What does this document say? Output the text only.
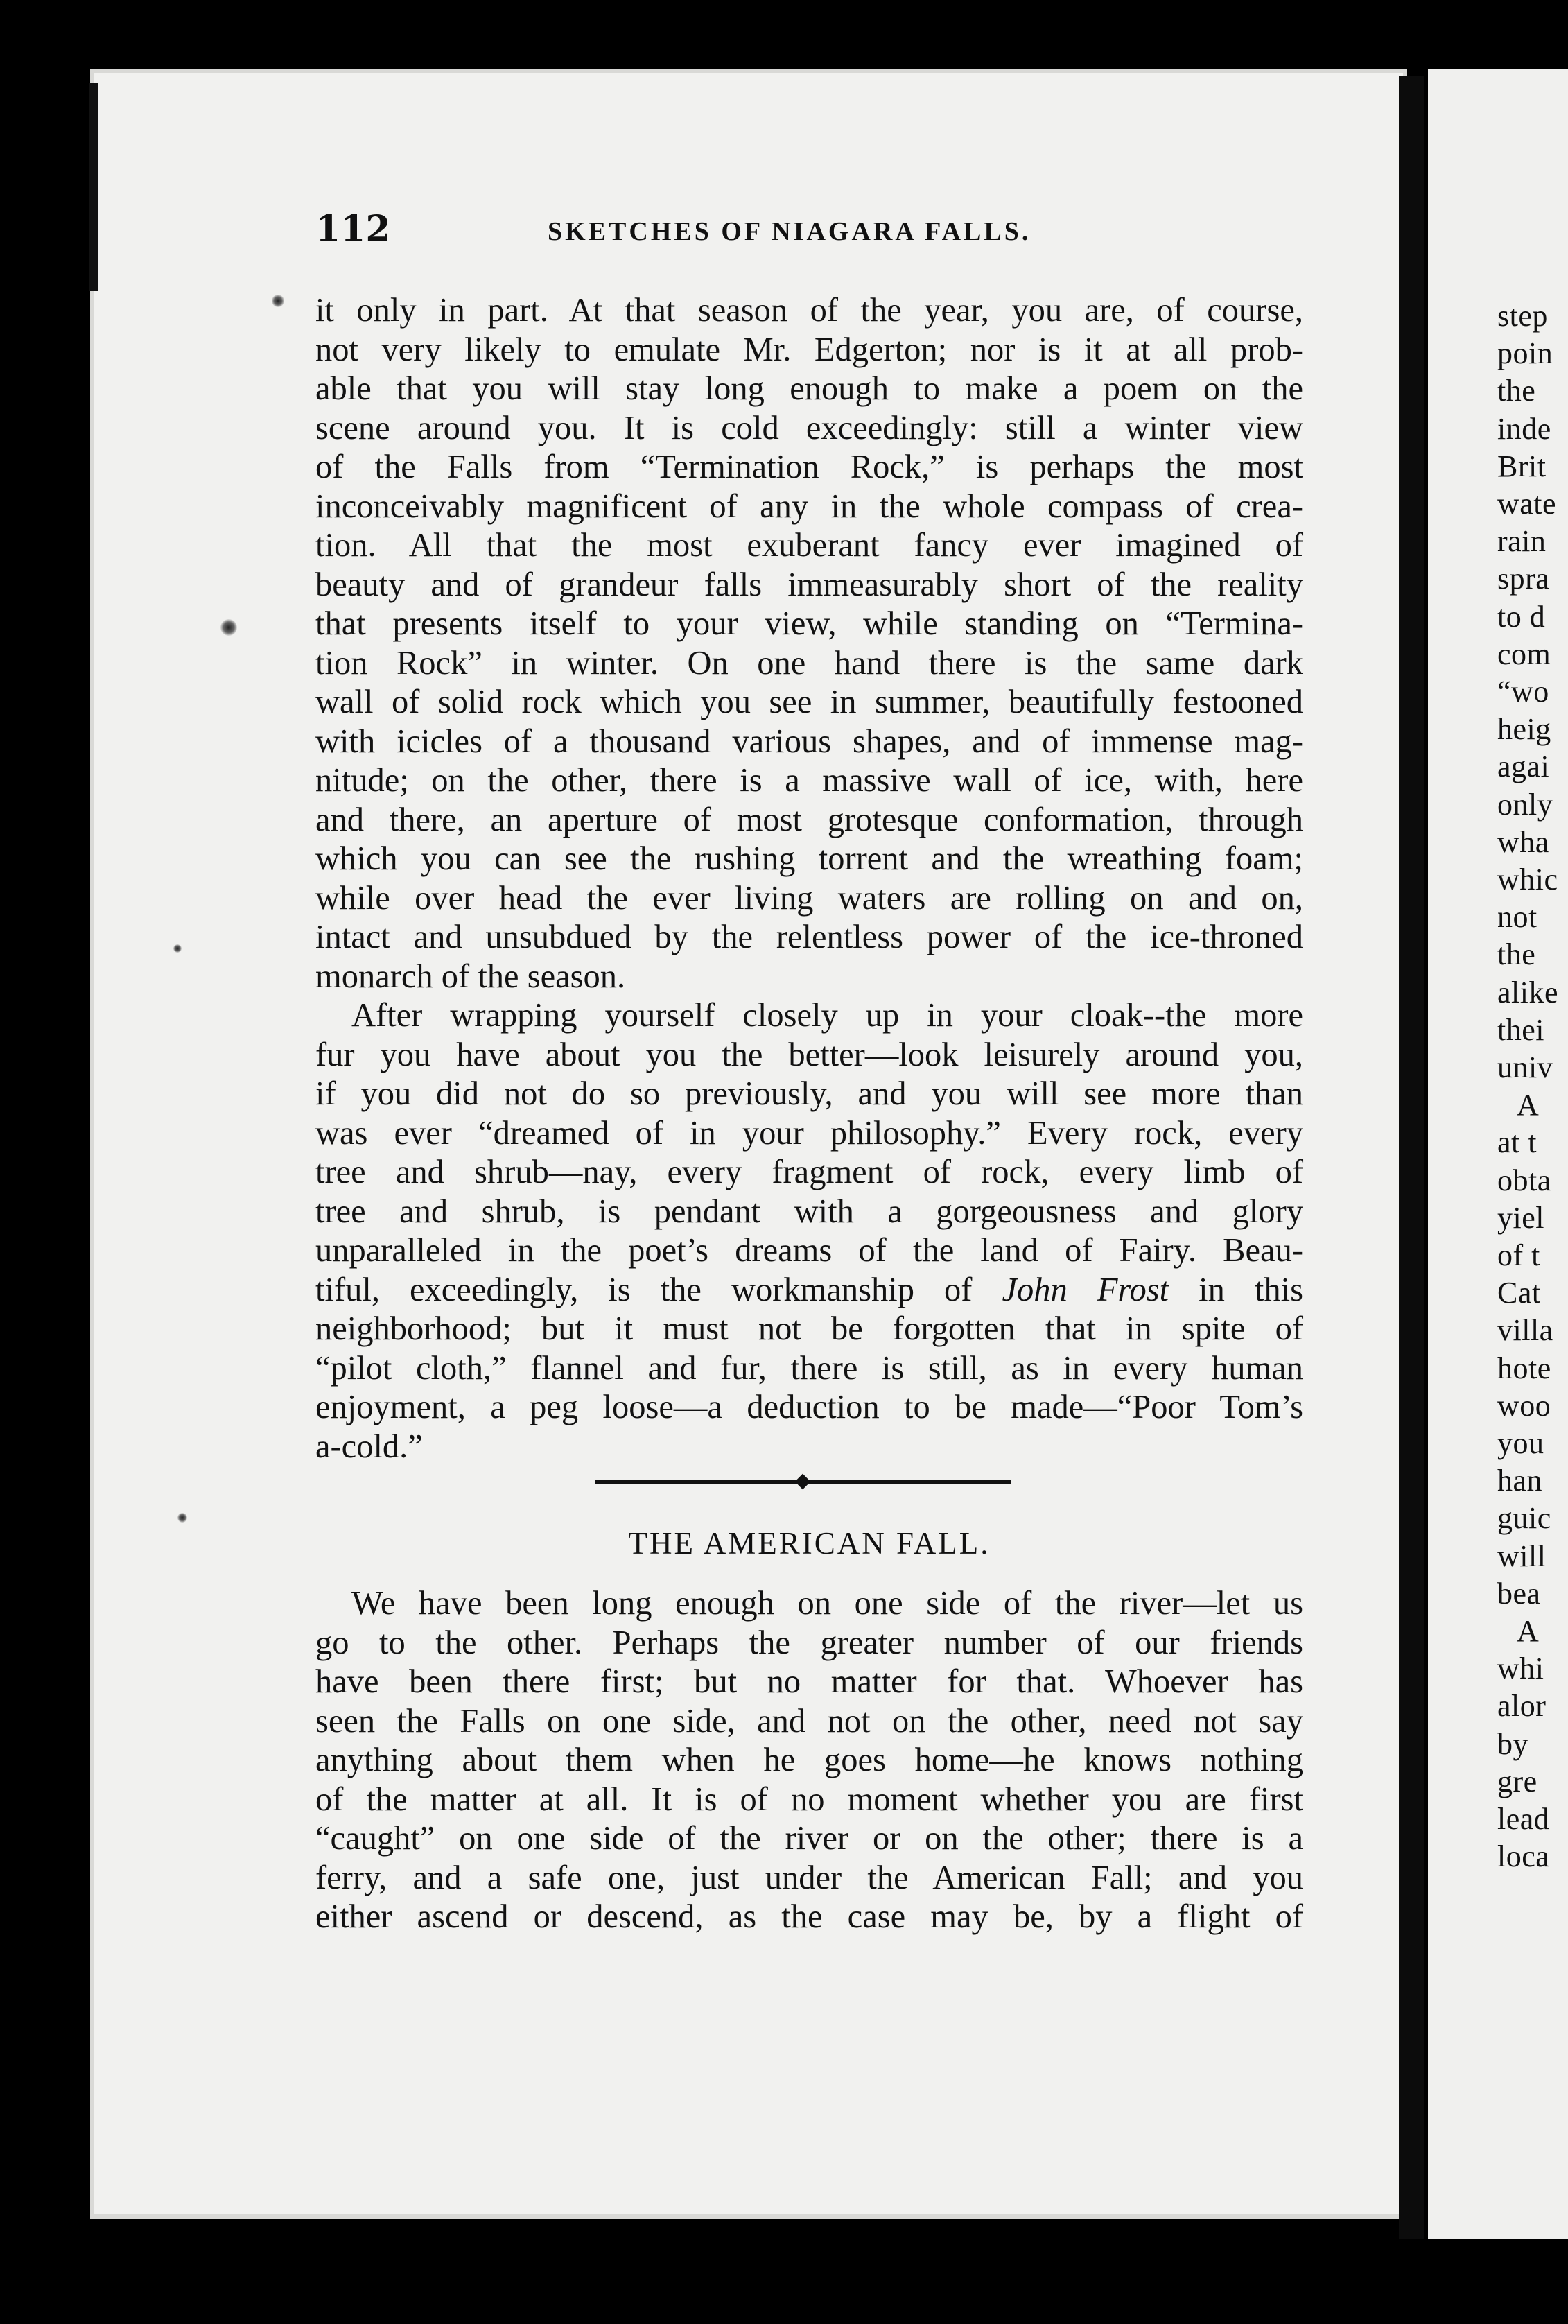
step
poin
the
inde
Brit
wate
rain
spra
to d
com
“wo
heig
agai
only
wha
whic
not
the
alike
thei
univ
A
at t
obta
yiel
of t
Cat
villa
hote
woo
you
han
guic
will
bea
A
whi
alor
by
gre
lead
loca
112	SKETCHES OF NIAGARA FALLS.
it only in part. At that season of the year, you are, of course,
not very likely to emulate Mr. Edgerton; nor is it at all prob-
able that you will stay long enough to make a poem on the
scene around you. It is cold exceedingly: still a winter view
of the Falls from “Termination Rock,” is perhaps the most
inconceivably magnificent of any in the whole compass of crea-
tion. All that the most exuberant fancy ever imagined of
beauty and of grandeur falls immeasurably short of the reality
that presents itself to your view, while standing on “Termina-
tion Rock” in winter. On one hand there is the same dark
wall of solid rock which you see in summer, beautifully festooned
with icicles of a thousand various shapes, and of immense mag-
nitude; on the other, there is a massive wall of ice, with, here
and there, an aperture of most grotesque conformation, through
which you can see the rushing torrent and the wreathing foam;
while over head the ever living waters are rolling on and on,
intact and unsubdued by the relentless power of the ice-throned
monarch of the season.
After wrapping yourself closely up in your cloak--the more
fur you have about you the better—look leisurely around you,
if you did not do so previously, and you will see more than
was ever “dreamed of in your philosophy.” Every rock, every
tree and shrub—nay, every fragment of rock, every limb of
tree and shrub, is pendant with a gorgeousness and glory
unparalleled in the poet’s dreams of the land of Fairy. Beau-
tiful, exceedingly, is the workmanship of John Frost in this
neighborhood; but it must not be forgotten that in spite of
“pilot cloth,” flannel and fur, there is still, as in every human
enjoyment, a peg loose—a deduction to be made—“Poor Tom’s
a-cold.”
THE AMERICAN FALL.
We have been long enough on one side of the river—let us
go to the other. Perhaps the greater number of our friends
have been there first; but no matter for that. Whoever has
seen the Falls on one side, and not on the other, need not say
anything about them when he goes home—he knows nothing
of the matter at all. It is of no moment whether you are first
“caught” on one side of the river or on the other; there is a
ferry, and a safe one, just under the American Fall; and you
either ascend or descend, as the case may be, by a flight of
